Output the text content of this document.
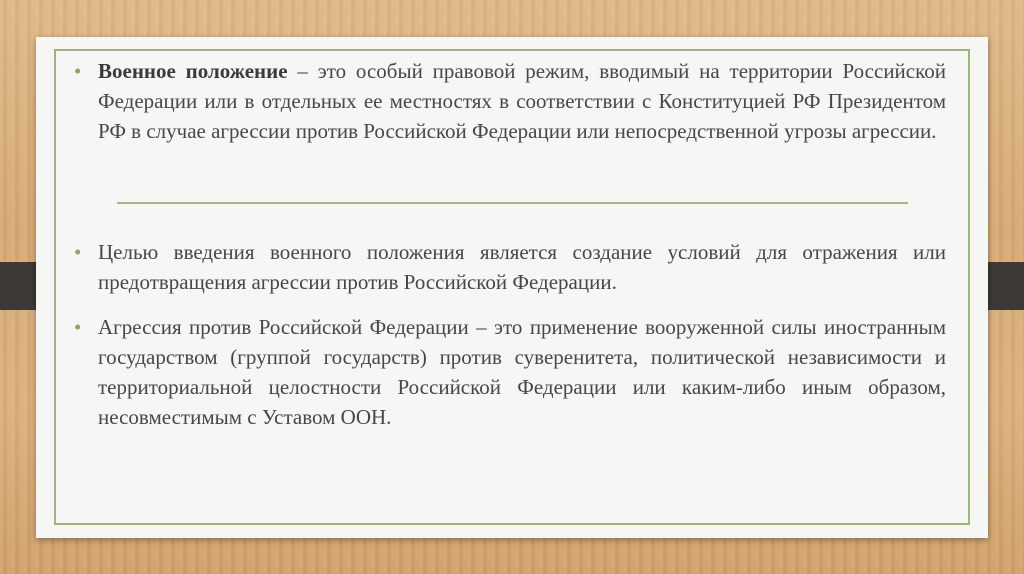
• Военное положение – это особый правовой режим, вводимый на территории Российской Федерации или в отдельных ее местностях в соответствии с Конституцией РФ Президентом РФ в случае агрессии против Российской Федерации или непосредственной угрозы агрессии.
• Целью введения военного положения является создание условий для отражения или предотвращения агрессии против Российской Федерации.
• Агрессия против Российской Федерации – это применение вооруженной силы иностранным государством (группой государств) против суверенитета, политической независимости и территориальной целостности Российской Федерации или каким-либо иным образом, несовместимым с Уставом ООН.
